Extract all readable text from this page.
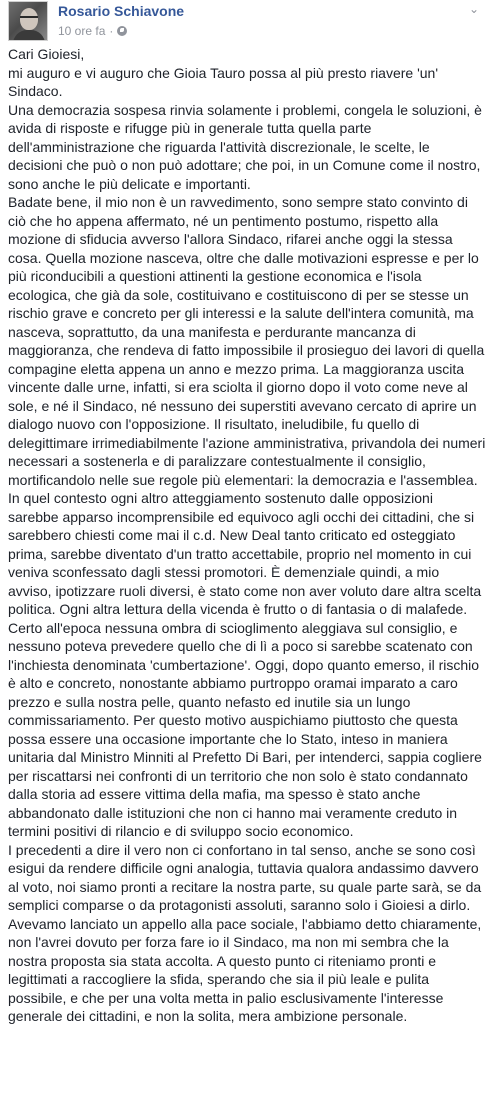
Rosario Schiavone
10 ore fa ·
⌄

Cari Gioiesi,

mi auguro e vi auguro che Gioia Tauro possa al più presto riavere 'un' Sindaco.

Una democrazia sospesa rinvia solamente i problemi, congela le soluzioni, è avida di risposte e rifugge più in generale tutta quella parte dell'amministrazione che riguarda l'attività discrezionale, le scelte, le decisioni che può o non può adottare; che poi, in un Comune come il nostro, sono anche le più delicate e importanti.

Badate bene, il mio non è un ravvedimento, sono sempre stato convinto di ciò che ho appena affermato, né un pentimento postumo, rispetto alla mozione di sfiducia avverso l'allora Sindaco, rifarei anche oggi la stessa cosa. Quella mozione nasceva, oltre che dalle motivazioni espresse e per lo più riconducibili a questioni attinenti la gestione economica e l'isola ecologica, che già da sole, costituivano e costituiscono di per se stesse un rischio grave e concreto per gli interessi e la salute dell'intera comunità, ma nasceva, soprattutto, da una manifesta e perdurante mancanza di maggioranza, che rendeva di fatto impossibile il prosieguo dei lavori di quella compagine eletta appena un anno e mezzo prima. La maggioranza uscita vincente dalle urne, infatti, si era sciolta il giorno dopo il voto come neve al sole, e né il Sindaco, né nessuno dei superstiti avevano cercato di aprire un dialogo nuovo con l'opposizione. Il risultato, ineludibile, fu quello di delegittimare irrimediabilmente l'azione amministrativa, privandola dei numeri necessari a sostenerla e di paralizzare contestualmente il consiglio, mortificandolo nelle sue regole più elementari: la democrazia e l'assemblea. In quel contesto ogni altro atteggiamento sostenuto dalle opposizioni sarebbe apparso incomprensibile ed equivoco agli occhi dei cittadini, che si sarebbero chiesti come mai il c.d. New Deal tanto criticato ed osteggiato prima, sarebbe diventato d'un tratto accettabile, proprio nel momento in cui veniva sconfessato dagli stessi promotori. È demenziale quindi, a mio avviso, ipotizzare ruoli diversi, è stato come non aver voluto dare altra scelta politica. Ogni altra lettura della vicenda è frutto o di fantasia o di malafede.

Certo all'epoca nessuna ombra di scioglimento aleggiava sul consiglio, e nessuno poteva prevedere quello che di lì a poco si sarebbe scatenato con l'inchiesta denominata 'cumbertazione'. Oggi, dopo quanto emerso, il rischio è alto e concreto, nonostante abbiamo purtroppo oramai imparato a caro prezzo e sulla nostra pelle, quanto nefasto ed inutile sia un lungo commissariamento. Per questo motivo auspichiamo piuttosto che questa possa essere una occasione importante che lo Stato, inteso in maniera unitaria dal Ministro Minniti al Prefetto Di Bari, per intenderci, sappia cogliere per riscattarsi nei confronti di un territorio che non solo è stato condannato dalla storia ad essere vittima della mafia, ma spesso è stato anche abbandonato dalle istituzioni che non ci hanno mai veramente creduto in termini positivi di rilancio e di sviluppo socio economico.

I precedenti a dire il vero non ci confortano in tal senso, anche se sono così esigui da rendere difficile ogni analogia, tuttavia qualora andassimo davvero al voto, noi siamo pronti a recitare la nostra parte, su quale parte sarà, se da semplici comparse o da protagonisti assoluti, saranno solo i Gioiesi a dirlo. Avevamo lanciato un appello alla pace sociale, l'abbiamo detto chiaramente, non l'avrei dovuto per forza fare io il Sindaco, ma non mi sembra che la nostra proposta sia stata accolta. A questo punto ci riteniamo pronti e legittimati a raccogliere la sfida, sperando che sia il più leale e pulita possibile, e che per una volta metta in palio esclusivamente l'interesse generale dei cittadini, e non la solita, mera ambizione personale.
